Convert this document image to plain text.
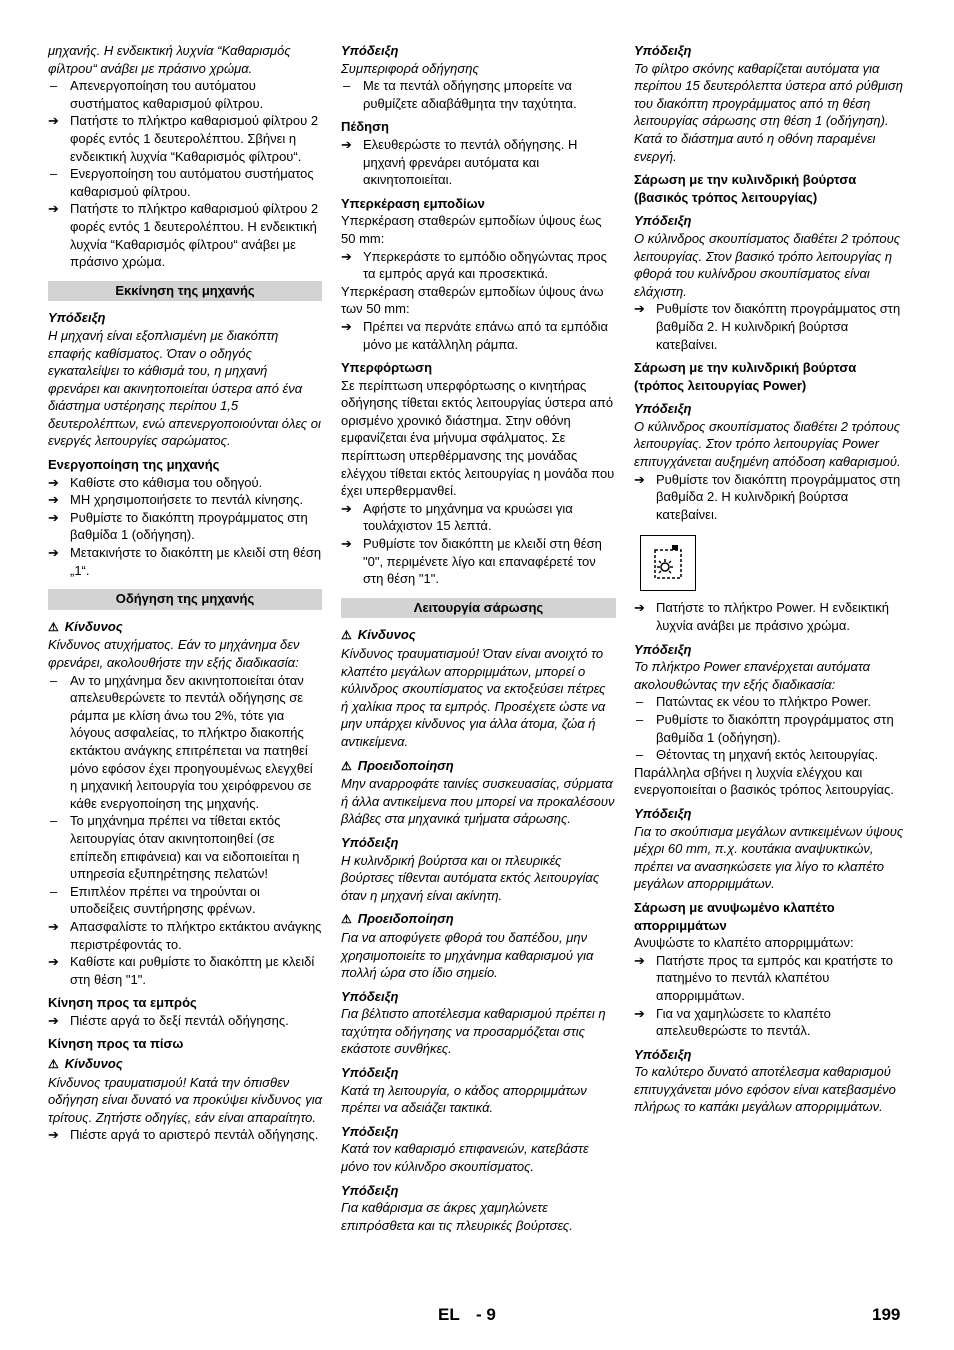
μηχανής. Η ενδεικτική λυχνία “Καθαρισμός φίλτρου“ ανάβει με πράσινο χρώμα.
– Απενεργοποίηση του αυτόματου συστήματος καθαρισμού φίλτρου.
➔ Πατήστε το πλήκτρο καθαρισμού φίλτρου 2 φορές εντός 1 δευτερολέπτου. Σβήνει η ενδεικτική λυχνία “Καθαρισμός φίλτρου“.
– Ενεργοποίηση του αυτόματου συστήματος καθαρισμού φίλτρου.
➔ Πατήστε το πλήκτρο καθαρισμού φίλτρου 2 φορές εντός 1 δευτερολέπτου. Η ενδεικτική λυχνία “Καθαρισμός φίλτρου“ ανάβει με πράσινο χρώμα.
Εκκίνηση της μηχανής
Υπόδειξη
Η μηχανή είναι εξοπλισμένη με διακόπτη επαφής καθίσματος. Όταν ο οδηγός εγκαταλείψει το κάθισμά του, η μηχανή φρενάρει και ακινητοποιείται ύστερα από ένα διάστημα υστέρησης περίπου 1,5 δευτερολέπτων, ενώ απενεργοποιούνται όλες οι ενεργές λειτουργίες σαρώματος.
Ενεργοποίηση της μηχανής
➔ Καθίστε στο κάθισμα του οδηγού.
➔ ΜΗ χρησιμοποιήσετε το πεντάλ κίνησης.
➔ Ρυθμίστε το διακόπτη προγράμματος στη βαθμίδα 1 (οδήγηση).
➔ Μετακινήστε το διακόπτη με κλειδί στη θέση „1“.
Οδήγηση της μηχανής
⚠ Κίνδυνος
Κίνδυνος ατυχήματος. Εάν το μηχάνημα δεν φρενάρει, ακολουθήστε την εξής διαδικασία:
– Αν το μηχάνημα δεν ακινητοποιείται όταν απελευθερώνετε το πεντάλ οδήγησης σε ράμπα με κλίση άνω του 2%, τότε για λόγους ασφαλείας, το πλήκτρο διακοπής εκτάκτου ανάγκης επιτρέπεται να πατηθεί μόνο εφόσον έχει προηγουμένως ελεγχθεί η μηχανική λειτουργία του χειρόφρενου σε κάθε ενεργοποίηση της μηχανής.
– Το μηχάνημα πρέπει να τίθεται εκτός λειτουργίας όταν ακινητοποιηθεί (σε επίπεδη επιφάνεια) και να ειδοποιείται η υπηρεσία εξυπηρέτησης πελατών!
– Επιπλέον πρέπει να τηρούνται οι υποδείξεις συντήρησης φρένων.
➔ Απασφαλίστε το πλήκτρο εκτάκτου ανάγκης περιστρέφοντάς το.
➔ Καθίστε και ρυθμίστε το διακόπτη με κλειδί στη θέση "1".
Κίνηση προς τα εμπρός
➔ Πιέστε αργά το δεξί πεντάλ οδήγησης.
Κίνηση προς τα πίσω
⚠ Κίνδυνος
Κίνδυνος τραυματισμού! Κατά την όπισθεν οδήγηση είναι δυνατό να προκύψει κίνδυνος για τρίτους. Ζητήστε οδηγίες, εάν είναι απαραίτητο.
➔ Πιέστε αργά το αριστερό πεντάλ οδήγησης.
Υπόδειξη
Συμπεριφορά οδήγησης
– Με τα πεντάλ οδήγησης μπορείτε να ρυθμίζετε αδιαβάθμητα την ταχύτητα.
Πέδηση
➔ Ελευθερώστε το πεντάλ οδήγησης. Η μηχανή φρενάρει αυτόματα και ακινητοποιείται.
Υπερκέραση εμποδίων
Υπερκέραση σταθερών εμποδίων ύψους έως 50 mm:
➔ Υπερκεράστε το εμπόδιο οδηγώντας προς τα εμπρός αργά και προσεκτικά.
Υπερκέραση σταθερών εμποδίων ύψους άνω των 50 mm:
➔ Πρέπει να περνάτε επάνω από τα εμπόδια μόνο με κατάλληλη ράμπα.
Υπερφόρτωση
Σε περίπτωση υπερφόρτωσης ο κινητήρας οδήγησης τίθεται εκτός λειτουργίας ύστερα από ορισμένο χρονικό διάστημα. Στην οθόνη εμφανίζεται ένα μήνυμα σφάλματος. Σε περίπτωση υπερθέρμανσης της μονάδας ελέγχου τίθεται εκτός λειτουργίας η μονάδα που έχει υπερθερμανθεί.
➔ Αφήστε το μηχάνημα να κρυώσει για τουλάχιστον 15 λεπτά.
➔ Ρυθμίστε τον διακόπτη με κλειδί στη θέση "0", περιμένετε λίγο και επαναφέρετέ τον στη θέση "1".
Λειτουργία σάρωσης
⚠ Κίνδυνος
Κίνδυνος τραυματισμού! Όταν είναι ανοιχτό το κλαπέτο μεγάλων απορριμμάτων, μπορεί ο κύλινδρος σκουπίσματος να εκτοξεύσει πέτρες ή χαλίκια προς τα εμπρός. Προσέχετε ώστε να μην υπάρχει κίνδυνος για άλλα άτομα, ζώα ή αντικείμενα.
⚠ Προειδοποίηση
Μην αναρροφάτε ταινίες συσκευασίας, σύρματα ή άλλα αντικείμενα που μπορεί να προκαλέσουν βλάβες στα μηχανικά τμήματα σάρωσης.
Υπόδειξη
Η κυλινδρική βούρτσα και οι πλευρικές βούρτσες τίθενται αυτόματα εκτός λειτουργίας όταν η μηχανή είναι ακίνητη.
⚠ Προειδοποίηση
Για να αποφύγετε φθορά του δαπέδου, μην χρησιμοποιείτε το μηχάνημα καθαρισμού για πολλή ώρα στο ίδιο σημείο.
Υπόδειξη
Για βέλτιστο αποτέλεσμα καθαρισμού πρέπει η ταχύτητα οδήγησης να προσαρμόζεται στις εκάστοτε συνθήκες.
Υπόδειξη
Κατά τη λειτουργία, ο κάδος απορριμμάτων πρέπει να αδειάζει τακτικά.
Υπόδειξη
Κατά τον καθαρισμό επιφανειών, κατεβάστε μόνο τον κύλινδρο σκουπίσματος.
Υπόδειξη
Για καθάρισμα σε άκρες χαμηλώνετε επιπρόσθετα και τις πλευρικές βούρτσες.
Υπόδειξη
Το φίλτρο σκόνης καθαρίζεται αυτόματα για περίπου 15 δευτερόλεπτα ύστερα από ρύθμιση του διακόπτη προγράμματος από τη θέση λειτουργίας σάρωσης στη θέση 1 (οδήγηση). Κατά το διάστημα αυτό η οθόνη παραμένει ενεργή.
Σάρωση με την κυλινδρική βούρτσα (βασικός τρόπος λειτουργίας)
Υπόδειξη
Ο κύλινδρος σκουπίσματος διαθέτει 2 τρόπους λειτουργίας. Στον βασικό τρόπο λειτουργίας η φθορά του κυλίνδρου σκουπίσματος είναι ελάχιστη.
➔ Ρυθμίστε τον διακόπτη προγράμματος στη βαθμίδα 2. Η κυλινδρική βούρτσα κατεβαίνει.
Σάρωση με την κυλινδρική βούρτσα (τρόπος λειτουργίας Power)
Υπόδειξη
Ο κύλινδρος σκουπίσματος διαθέτει 2 τρόπους λειτουργίας. Στον τρόπο λειτουργίας Power επιτυγχάνεται αυξημένη απόδοση καθαρισμού.
➔ Ρυθμίστε τον διακόπτη προγράμματος στη βαθμίδα 2. Η κυλινδρική βούρτσα κατεβαίνει.
➔ Πατήστε το πλήκτρο Power. Η ενδεικτική λυχνία ανάβει με πράσινο χρώμα.
Υπόδειξη
Το πλήκτρο Power επανέρχεται αυτόματα ακολουθώντας την εξής διαδικασία:
– Πατώντας εκ νέου το πλήκτρο Power.
– Ρυθμίστε το διακόπτη προγράμματος στη βαθμίδα 1 (οδήγηση).
– Θέτοντας τη μηχανή εκτός λειτουργίας.
Παράλληλα σβήνει η λυχνία ελέγχου και ενεργοποιείται ο βασικός τρόπος λειτουργίας.
Υπόδειξη
Για το σκούπισμα μεγάλων αντικειμένων ύψους μέχρι 60 mm, π.χ. κουτάκια αναψυκτικών, πρέπει να ανασηκώσετε για λίγο το κλαπέτο μεγάλων απορριμμάτων.
Σάρωση με ανυψωμένο κλαπέτο απορριμμάτων
Ανυψώστε το κλαπέτο απορριμμάτων:
➔ Πατήστε προς τα εμπρός και κρατήστε το πατημένο το πεντάλ κλαπέτου απορριμμάτων.
➔ Για να χαμηλώσετε το κλαπέτο απελευθερώστε το πεντάλ.
Υπόδειξη
Το καλύτερο δυνατό αποτέλεσμα καθαρισμού επιτυγχάνεται μόνο εφόσον είναι κατεβασμένο πλήρως το καπάκι μεγάλων απορριμμάτων.
EL - 9	199
